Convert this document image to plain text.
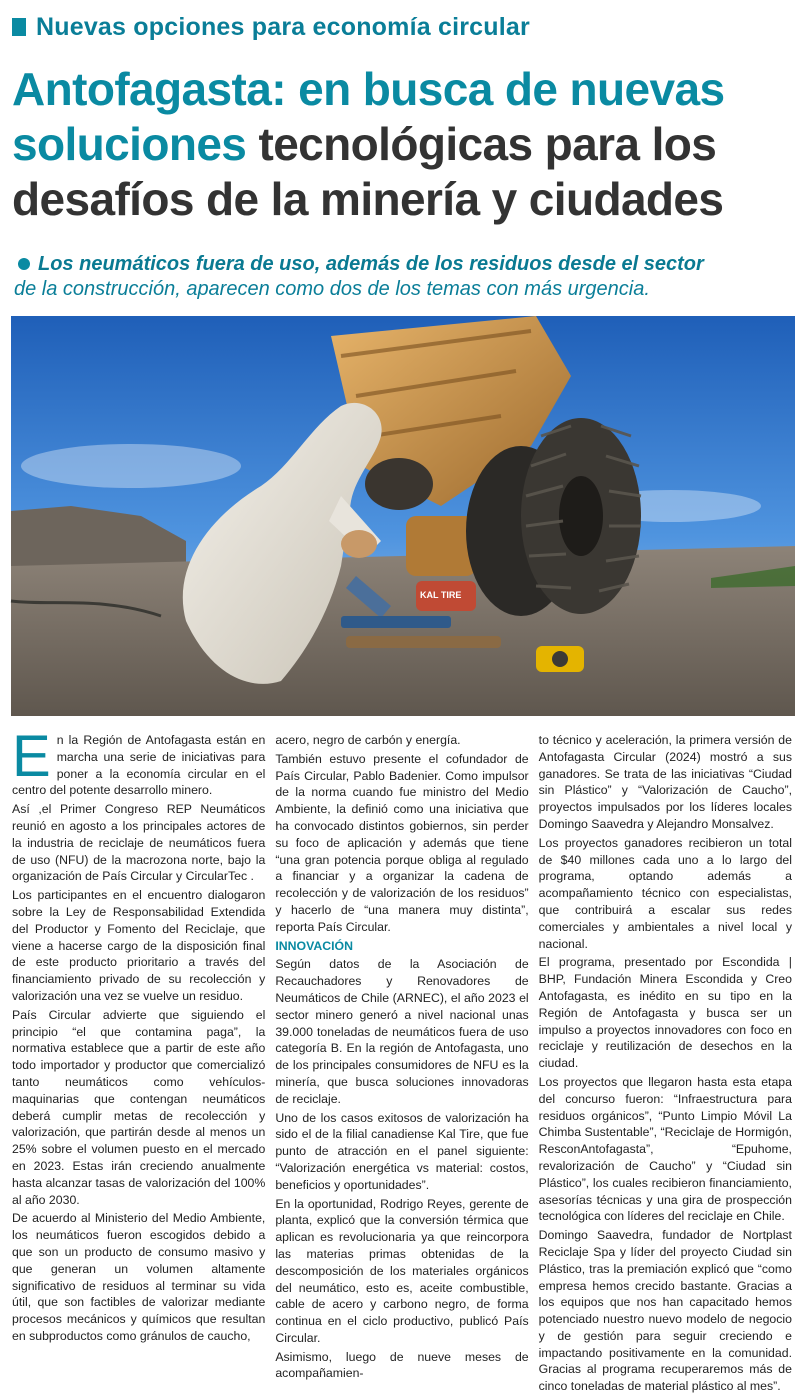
Nuevas opciones para economía circular
Antofagasta: en busca de nuevas
soluciones tecnológicas para los
desafíos de la minería y ciudades
Los neumáticos fuera de uso, además de los residuos desde el sector
de la construcción, aparecen como dos de los temas con más urgencia.
KAL TIRE

En la Región de Antofagasta están en marcha una serie de iniciativas para poner a la economía circular en el centro del potente desarrollo minero.

Así ,el Primer Congreso REP Neumáticos reunió en agosto a los principales actores de la industria de reciclaje de neumáticos fuera de uso (NFU) de la macrozona norte, bajo la organización de País Circular y CircularTec .

Los participantes en el encuentro dialogaron sobre la Ley de Responsabilidad Extendida del Productor y Fomento del Reciclaje, que viene a hacerse cargo de la disposición final de este producto prioritario a través del financiamiento privado de su recolección y valorización una vez se vuelve un residuo.

País Circular advierte que siguiendo el principio “el que contamina paga”, la normativa establece que a partir de este año todo importador y productor que comercializó tanto neumáticos como vehículos-maquinarias que contengan neumáticos deberá cumplir metas de recolección y valorización, que partirán desde al menos un 25% sobre el volumen puesto en el mercado en 2023. Estas irán creciendo anualmente hasta alcanzar tasas de valorización del 100% al año 2030.

De acuerdo al Ministerio del Medio Ambiente, los neumáticos fueron escogidos debido a que son un producto de consumo masivo y que generan un volumen altamente significativo de residuos al terminar su vida útil, que son factibles de valorizar mediante procesos mecánicos y químicos que resultan en subproductos como gránulos de caucho,

acero, negro de carbón y energía.

También estuvo presente el cofundador de País Circular, Pablo Badenier. Como impulsor de la norma cuando fue ministro del Medio Ambiente, la definió como una iniciativa que ha convocado distintos gobiernos, sin perder su foco de aplicación y además que tiene “una gran potencia porque obliga al regulado a financiar y a organizar la cadena de recolección y de valorización de los residuos” y hacerlo de “una manera muy distinta”, reporta País Circular.

INNOVACIÓN

Según datos de la Asociación de Recauchadores y Renovadores de Neumáticos de Chile (ARNEC), el año 2023 el sector minero generó a nivel nacional unas 39.000 toneladas de neumáticos fuera de uso categoría B. En la región de Antofagasta, uno de los principales consumidores de NFU es la minería, que busca soluciones innovadoras de reciclaje.

Uno de los casos exitosos de valorización ha sido el de la filial canadiense Kal Tire, que fue punto de atracción en el panel siguiente: “Valorización energética vs material: costos, beneficios y oportunidades”.

En la oportunidad, Rodrigo Reyes, gerente de planta, explicó que la conversión térmica que aplican es revolucionaria ya que reincorpora las materias primas obtenidas de la descomposición de los materiales orgánicos del neumático, esto es, aceite combustible, cable de acero y carbono negro, de forma continua en el ciclo productivo, publicó País Circular.

Asimismo, luego de nueve meses de acompañamien-

to técnico y aceleración, la primera versión de Antofagasta Circular (2024) mostró a sus ganadores. Se trata de las iniciativas “Ciudad sin Plástico” y “Valorización de Caucho”, proyectos impulsados por los líderes locales Domingo Saavedra y Alejandro Monsalvez.

Los proyectos ganadores recibieron un total de $40 millones cada uno a lo largo del programa, optando además a acompañamiento técnico con especialistas, que contribuirá a escalar sus redes comerciales y ambientales a nivel local y nacional.

El programa, presentado por Escondida | BHP, Fundación Minera Escondida y Creo Antofagasta, es inédito en su tipo en la Región de Antofagasta y busca ser un impulso a proyectos innovadores con foco en reciclaje y reutilización de desechos en la ciudad.

Los proyectos que llegaron hasta esta etapa del concurso fueron: “Infraestructura para residuos orgánicos”, “Punto Limpio Móvil La Chimba Sustentable”, “Reciclaje de Hormigón, ResconAntofagasta”, “Epuhome, revalorización de Caucho” y “Ciudad sin Plástico”, los cuales recibieron financiamiento, asesorías técnicas y una gira de prospección tecnológica con líderes del reciclaje en Chile.

Domingo Saavedra, fundador de Nortplast Reciclaje Spa y líder del proyecto Ciudad sin Plástico, tras la premiación explicó que “como empresa hemos crecido bastante. Gracias a los equipos que nos han capacitado hemos potenciado nuestro nuevo modelo de negocio y de gestión para seguir creciendo e impactando positivamente en la comunidad. Gracias al programa recuperaremos más de cinco toneladas de material plástico al mes”.
